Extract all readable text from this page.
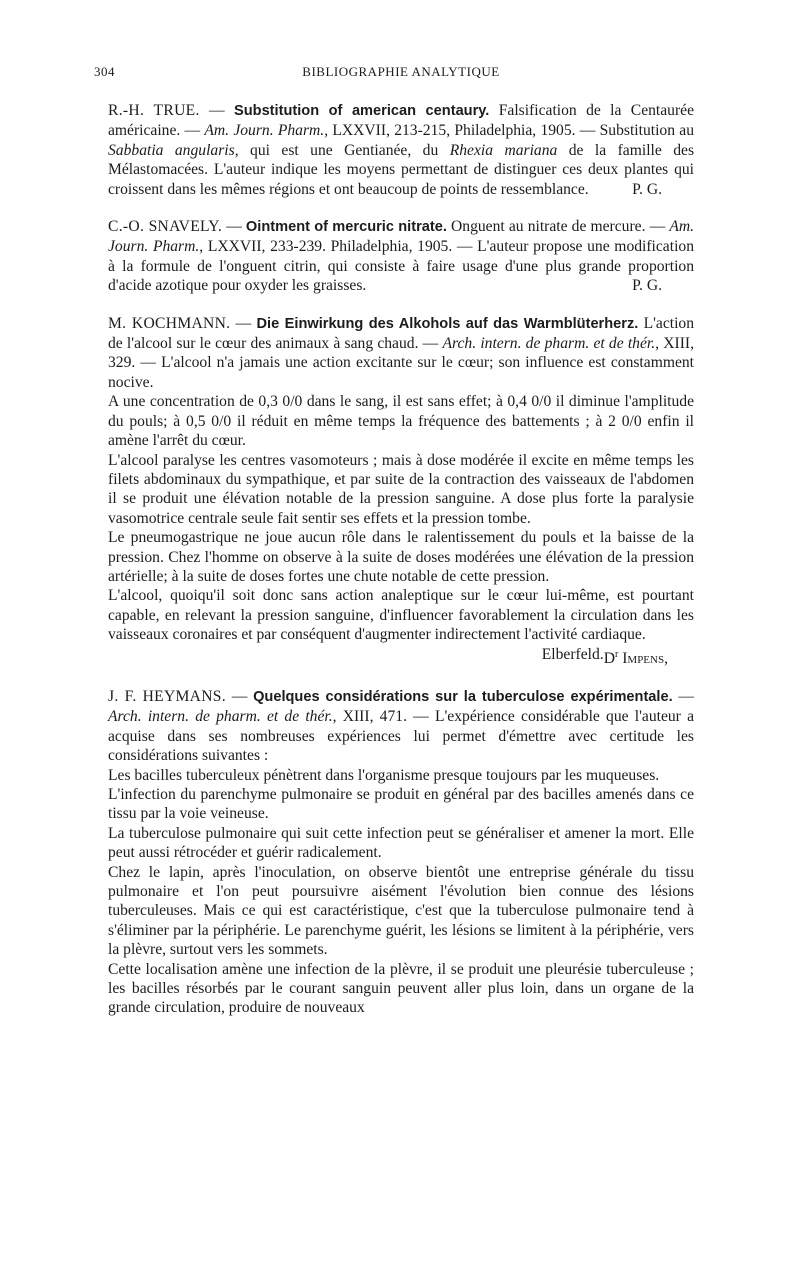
304	BIBLIOGRAPHIE ANALYTIQUE

R.-H. TRUE. — Substitution of american centaury. Falsification de la Centaurée américaine. — Am. Journ. Pharm., LXXVII, 213-215, Philadelphia, 1905. — Substitution au Sabbatia angularis, qui est une Gentianée, du Rhexia mariana de la famille des Mélastomacées. L'auteur indique les moyens permettant de distinguer ces deux plantes qui croissent dans les mêmes régions et ont beaucoup de points de ressemblance.	P. G.

C.-O. SNAVELY. — Ointment of mercuric nitrate. Onguent au nitrate de mercure. — Am. Journ. Pharm., LXXVII, 233-239. Philadelphia, 1905. — L'auteur propose une modification à la formule de l'onguent citrin, qui consiste à faire usage d'une plus grande proportion d'acide azotique pour oxyder les graisses.	P. G.

M. KOCHMANN. — Die Einwirkung des Alkohols auf das Warmblüterherz. L'action de l'alcool sur le cœur des animaux à sang chaud. — Arch. intern. de pharm. et de thér., XIII, 329. — L'alcool n'a jamais une action excitante sur le cœur; son influence est constamment nocive.

A une concentration de 0,3 0/0 dans le sang, il est sans effet; à 0,4 0/0 il diminue l'amplitude du pouls; à 0,5 0/0 il réduit en même temps la fréquence des battements ; à 2 0/0 enfin il amène l'arrêt du cœur.

L'alcool paralyse les centres vasomoteurs ; mais à dose modérée il excite en même temps les filets abdominaux du sympathique, et par suite de la contraction des vaisseaux de l'abdomen il se produit une élévation notable de la pression sanguine. A dose plus forte la paralysie vasomotrice centrale seule fait sentir ses effets et la pression tombe.

Le pneumogastrique ne joue aucun rôle dans le ralentissement du pouls et la baisse de la pression. Chez l'homme on observe à la suite de doses modérées une élévation de la pression artérielle; à la suite de doses fortes une chute notable de cette pression.

L'alcool, quoiqu'il soit donc sans action analeptique sur le cœur lui-même, est pourtant capable, en relevant la pression sanguine, d'influencer favorablement la circulation dans les vaisseaux coronaires et par conséquent d'augmenter indirectement l'activité cardiaque.
$D^r$ Impens,

Elberfeld.

J. F. HEYMANS. — Quelques considérations sur la tuberculose expérimentale. — Arch. intern. de pharm. et de thér., XIII, 471. — L'expérience considérable que l'auteur a acquise dans ses nombreuses expériences lui permet d'émettre avec certitude les considérations suivantes :

Les bacilles tuberculeux pénètrent dans l'organisme presque toujours par les muqueuses.

L'infection du parenchyme pulmonaire se produit en général par des bacilles amenés dans ce tissu par la voie veineuse.

La tuberculose pulmonaire qui suit cette infection peut se généraliser et amener la mort. Elle peut aussi rétrocéder et guérir radicalement.

Chez le lapin, après l'inoculation, on observe bientôt une entreprise générale du tissu pulmonaire et l'on peut poursuivre aisément l'évolution bien connue des lésions tuberculeuses. Mais ce qui est caractéristique, c'est que la tuberculose pulmonaire tend à s'éliminer par la périphérie. Le parenchyme guérit, les lésions se limitent à la périphérie, vers la plèvre, surtout vers les sommets.

Cette localisation amène une infection de la plèvre, il se produit une pleurésie tuberculeuse ; les bacilles résorbés par le courant sanguin peuvent aller plus loin, dans un organe de la grande circulation, produire de nouveaux
